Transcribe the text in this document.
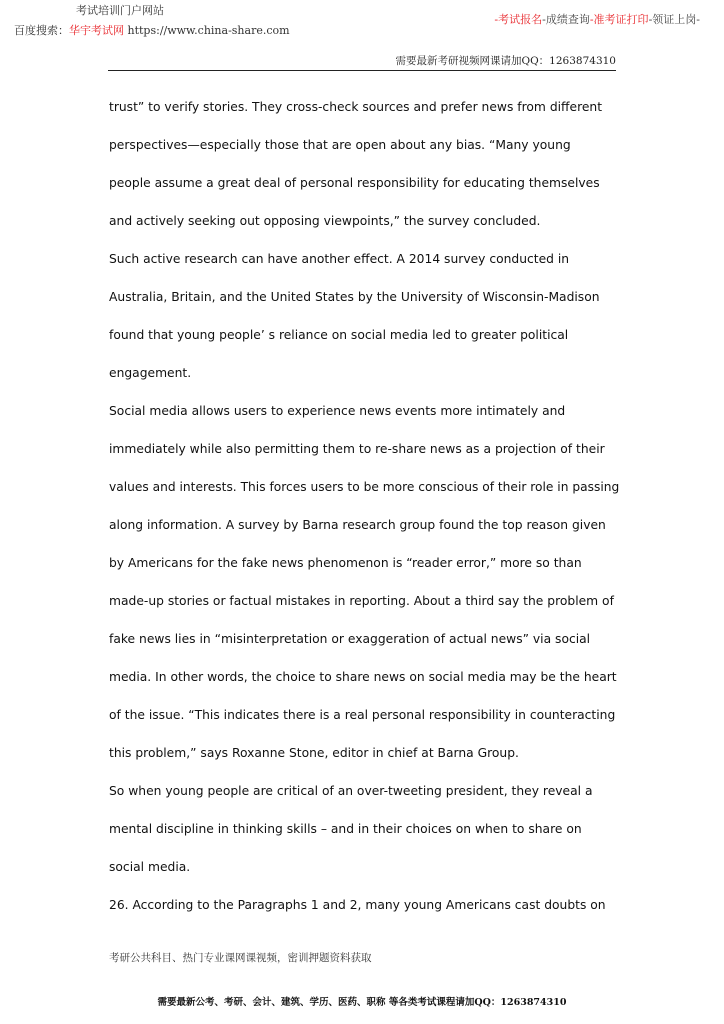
考试培训门户网站
百度搜索：华宇考试网 https://www.china-share.com
-考试报名-成绩查询-准考证打印-领证上岗-
需要最新考研视频网课请加QQ：1263874310
trust” to verify stories. They cross-check sources and prefer news from different
perspectives—especially those that are open about any bias. “Many young
people assume a great deal of personal responsibility for educating themselves
and actively seeking out opposing viewpoints,” the survey concluded.
Such active research can have another effect. A 2014 survey conducted in
Australia, Britain, and the United States by the University of Wisconsin-Madison
found that young people’ s reliance on social media led to greater political
engagement.
Social media allows users to experience news events more intimately and
immediately while also permitting them to re-share news as a projection of their
values and interests. This forces users to be more conscious of their role in passing
along information. A survey by Barna research group found the top reason given
by Americans for the fake news phenomenon is “reader error,” more so than
made-up stories or factual mistakes in reporting. About a third say the problem of
fake news lies in “misinterpretation or exaggeration of actual news” via social
media. In other words, the choice to share news on social media may be the heart
of the issue. “This indicates there is a real personal responsibility in counteracting
this problem,” says Roxanne Stone, editor in chief at Barna Group.
So when young people are critical of an over-tweeting president, they reveal a
mental discipline in thinking skills – and in their choices on when to share on
social media.
26. According to the Paragraphs 1 and 2, many young Americans cast doubts on
考研公共科目、热门专业课网课视频，密训押题资料获取
需要最新公考、考研、会计、建筑、学历、医药、职称 等各类考试课程请加QQ：1263874310
